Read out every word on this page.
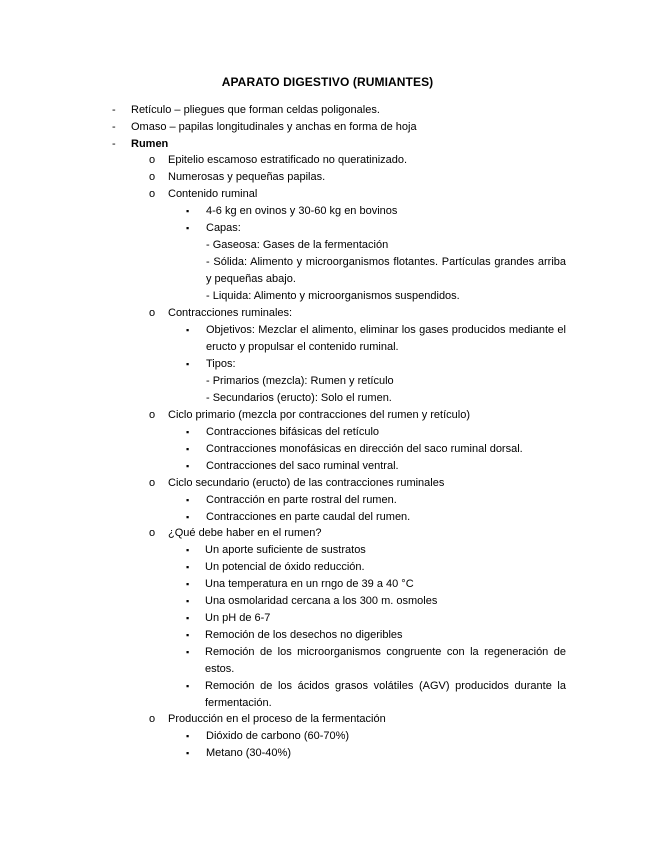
APARATO DIGESTIVO (RUMIANTES)
- Retículo – pliegues que forman celdas poligonales.
- Omaso – papilas longitudinales y anchas en forma de hoja
- Rumen
o Epitelio escamoso estratificado no queratinizado.
o Numerosas y pequeñas papilas.
o Contenido ruminal
▪ 4-6 kg en ovinos y 30-60 kg en bovinos
▪ Capas:
- Gaseosa: Gases de la fermentación
- Sólida: Alimento y microorganismos flotantes. Partículas grandes arriba y pequeñas abajo.
- Liquida: Alimento y microorganismos suspendidos.
o Contracciones ruminales:
▪ Objetivos: Mezclar el alimento, eliminar los gases producidos mediante el eructo y propulsar el contenido ruminal.
▪ Tipos:
- Primarios (mezcla): Rumen y retículo
- Secundarios (eructo): Solo el rumen.
o Ciclo primario (mezcla por contracciones del rumen y retículo)
▪ Contracciones bifásicas del retículo
▪ Contracciones monofásicas en dirección del saco ruminal dorsal.
▪ Contracciones del saco ruminal ventral.
o Ciclo secundario (eructo) de las contracciones ruminales
▪ Contracción en parte rostral del rumen.
▪ Contracciones en parte caudal del rumen.
o ¿Qué debe haber en el rumen?
▪ Un aporte suficiente de sustratos
▪ Un potencial de óxido reducción.
▪ Una temperatura en un rngo de 39 a 40 °C
▪ Una osmolaridad cercana a los 300 m. osmoles
▪ Un pH de 6-7
▪ Remoción de los desechos no digeribles
▪ Remoción de los microorganismos congruente con la regeneración de estos.
▪ Remoción de los ácidos grasos volátiles (AGV) producidos durante la fermentación.
o Producción en el proceso de la fermentación
▪ Dióxido de carbono (60-70%)
▪ Metano (30-40%)
